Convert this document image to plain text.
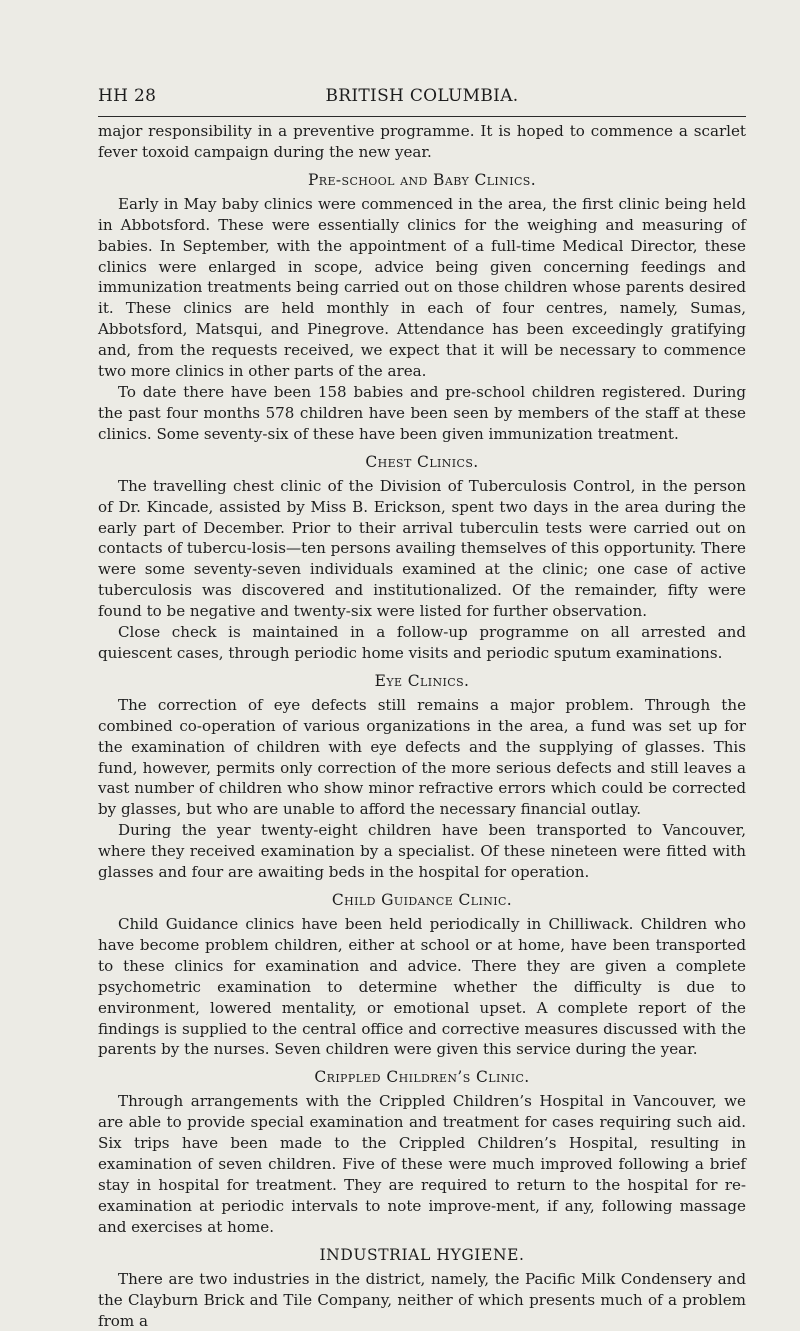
HH 28	BRITISH COLUMBIA.

major responsibility in a preventive programme. It is hoped to commence a scarlet fever toxoid campaign during the new year.

Pre-school and Baby Clinics.

Early in May baby clinics were commenced in the area, the first clinic being held in Abbotsford. These were essentially clinics for the weighing and measuring of babies. In September, with the appointment of a full-time Medical Director, these clinics were enlarged in scope, advice being given concerning feedings and immunization treatments being carried out on those children whose parents desired it. These clinics are held monthly in each of four centres, namely, Sumas, Abbotsford, Matsqui, and Pinegrove. Attendance has been exceedingly gratifying and, from the requests received, we expect that it will be necessary to commence two more clinics in other parts of the area.

To date there have been 158 babies and pre-school children registered. During the past four months 578 children have been seen by members of the staff at these clinics. Some seventy-six of these have been given immunization treatment.

Chest Clinics.

The travelling chest clinic of the Division of Tuberculosis Control, in the person of Dr. Kincade, assisted by Miss B. Erickson, spent two days in the area during the early part of December. Prior to their arrival tuberculin tests were carried out on contacts of tubercu-losis—ten persons availing themselves of this opportunity. There were some seventy-seven individuals examined at the clinic; one case of active tuberculosis was discovered and institutionalized. Of the remainder, fifty were found to be negative and twenty-six were listed for further observation.

Close check is maintained in a follow-up programme on all arrested and quiescent cases, through periodic home visits and periodic sputum examinations.

Eye Clinics.

The correction of eye defects still remains a major problem. Through the combined co-operation of various organizations in the area, a fund was set up for the examination of children with eye defects and the supplying of glasses. This fund, however, permits only correction of the more serious defects and still leaves a vast number of children who show minor refractive errors which could be corrected by glasses, but who are unable to afford the necessary financial outlay.

During the year twenty-eight children have been transported to Vancouver, where they received examination by a specialist. Of these nineteen were fitted with glasses and four are awaiting beds in the hospital for operation.

Child Guidance Clinic.

Child Guidance clinics have been held periodically in Chilliwack. Children who have become problem children, either at school or at home, have been transported to these clinics for examination and advice. There they are given a complete psychometric examination to determine whether the difficulty is due to environment, lowered mentality, or emotional upset. A complete report of the findings is supplied to the central office and corrective measures discussed with the parents by the nurses. Seven children were given this service during the year.

Crippled Children’s Clinic.

Through arrangements with the Crippled Children’s Hospital in Vancouver, we are able to provide special examination and treatment for cases requiring such aid. Six trips have been made to the Crippled Children’s Hospital, resulting in examination of seven children. Five of these were much improved following a brief stay in hospital for treatment. They are required to return to the hospital for re-examination at periodic intervals to note improve-ment, if any, following massage and exercises at home.

INDUSTRIAL HYGIENE.

There are two industries in the district, namely, the Pacific Milk Condensery and the Clayburn Brick and Tile Company, neither of which presents much of a problem from a
